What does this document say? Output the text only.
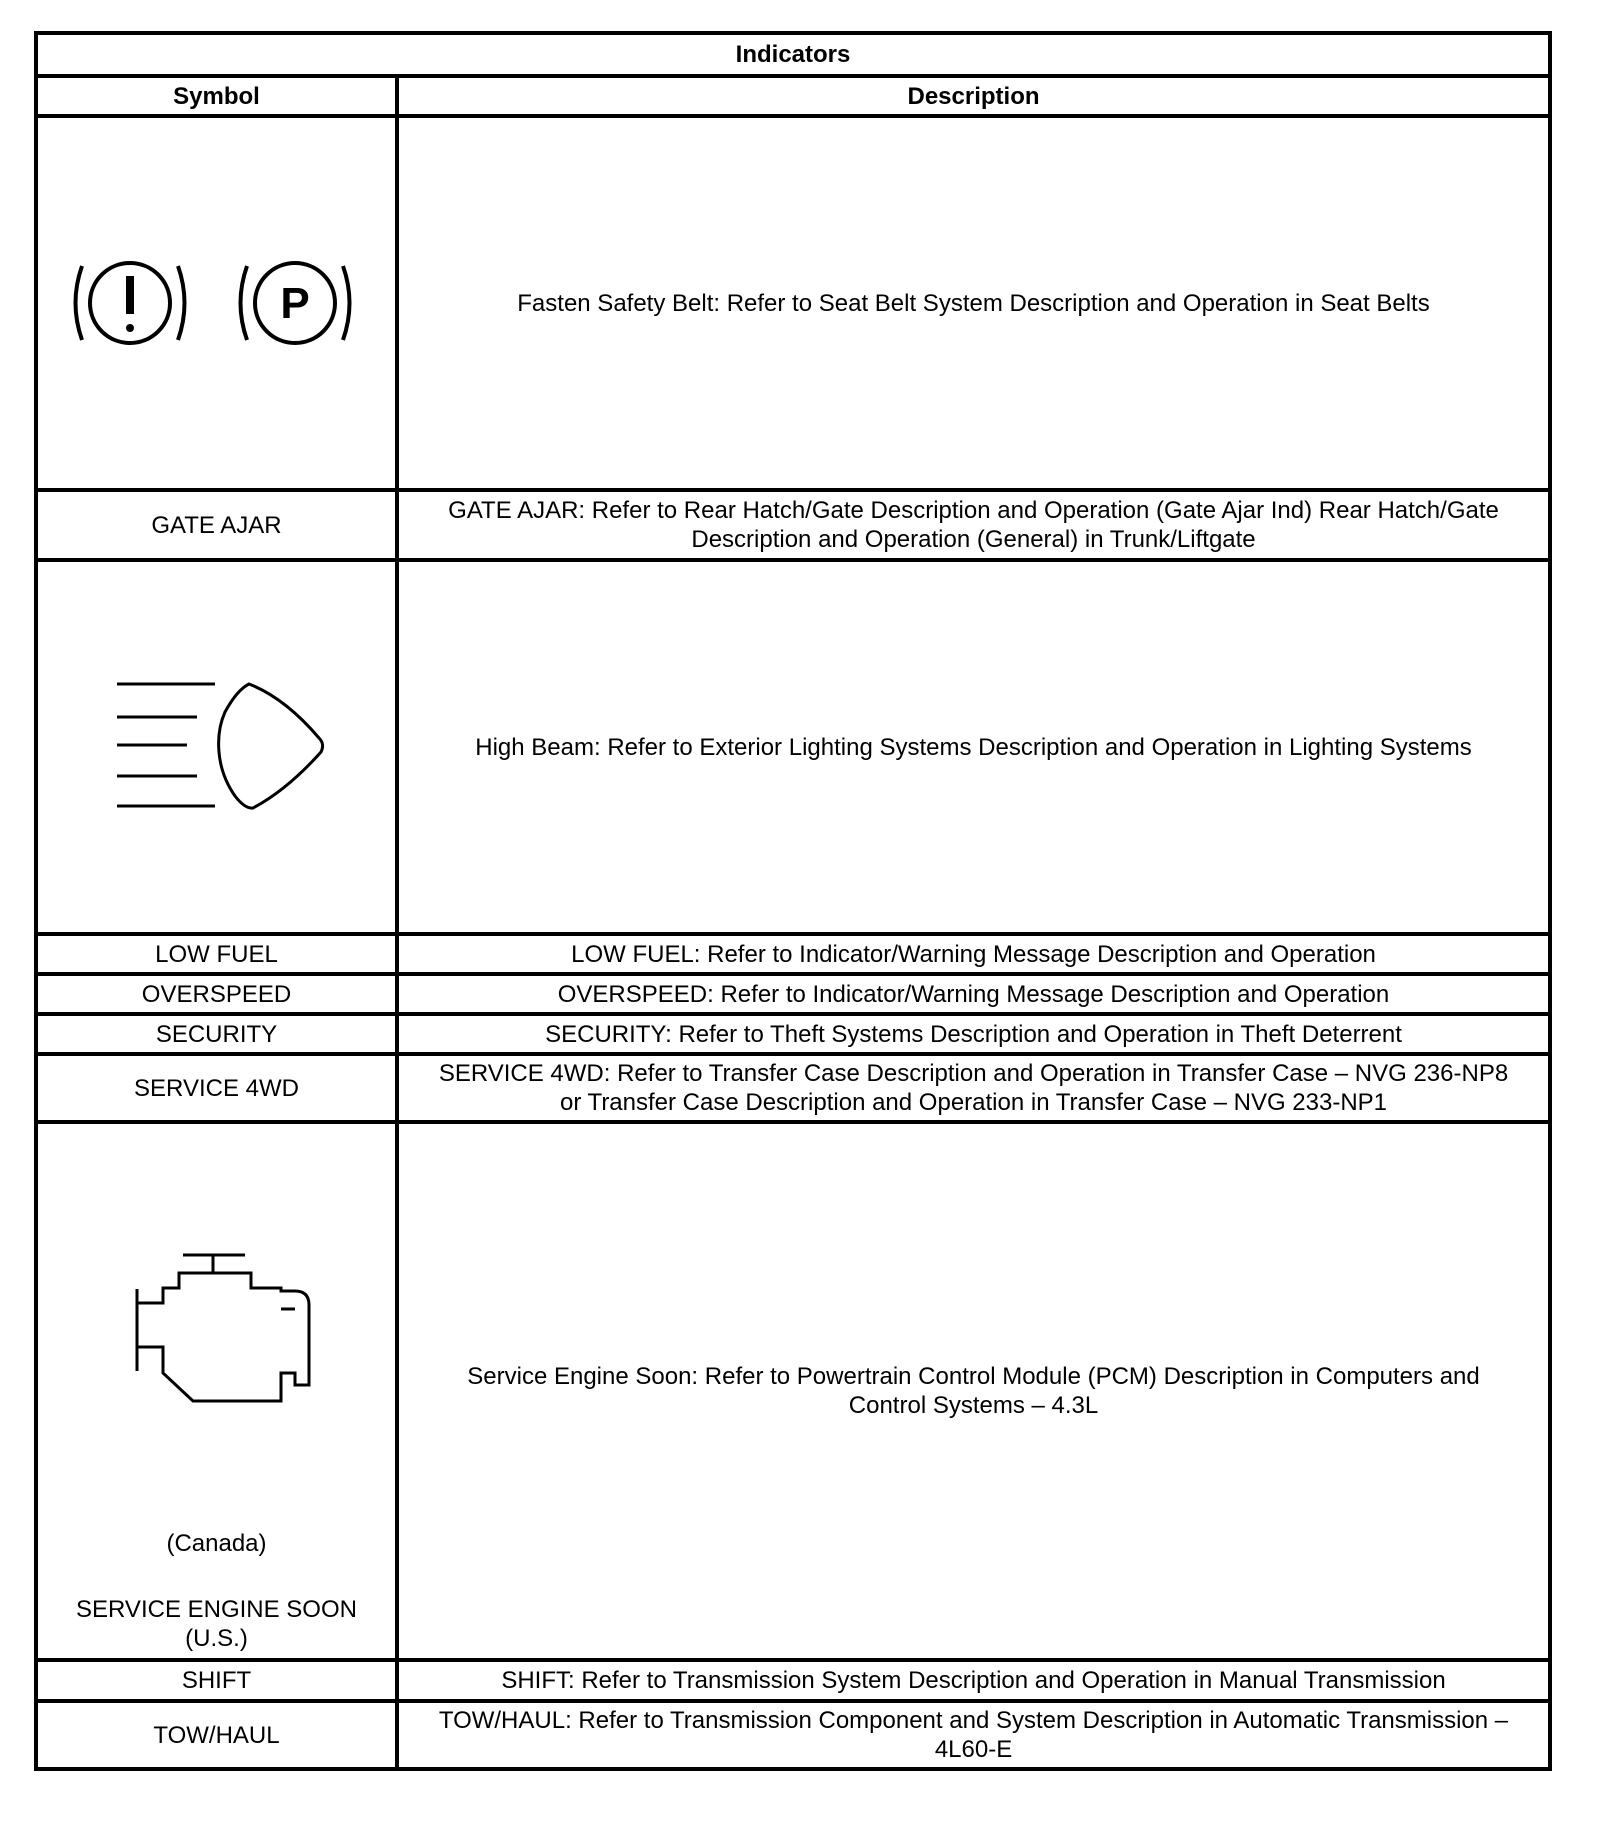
Indicators	
Symbol	Description

P	Fasten Safety Belt: Refer to Seat Belt System Description and Operation in Seat Belts
GATE AJAR	GATE AJAR: Refer to Rear Hatch/Gate Description and Operation (Gate Ajar Ind) Rear Hatch/Gate
Description and Operation (General) in Trunk/Liftgate

	High Beam: Refer to Exterior Lighting Systems Description and Operation in Lighting Systems
LOW FUEL	LOW FUEL: Refer to Indicator/Warning Message Description and Operation
OVERSPEED	OVERSPEED: Refer to Indicator/Warning Message Description and Operation
SECURITY	SECURITY: Refer to Theft Systems Description and Operation in Theft Deterrent
SERVICE 4WD	SERVICE 4WD: Refer to Transfer Case Description and Operation in Transfer Case – NVG 236-NP8
or Transfer Case Description and Operation in Transfer Case – NVG 233-NP1

(Canada)
SERVICE ENGINE SOON
(U.S.)	Service Engine Soon: Refer to Powertrain Control Module (PCM) Description in Computers and
Control Systems – 4.3L

SHIFT	SHIFT: Refer to Transmission System Description and Operation in Manual Transmission
TOW/HAUL	TOW/HAUL: Refer to Transmission Component and System Description in Automatic Transmission –
4L60-E
